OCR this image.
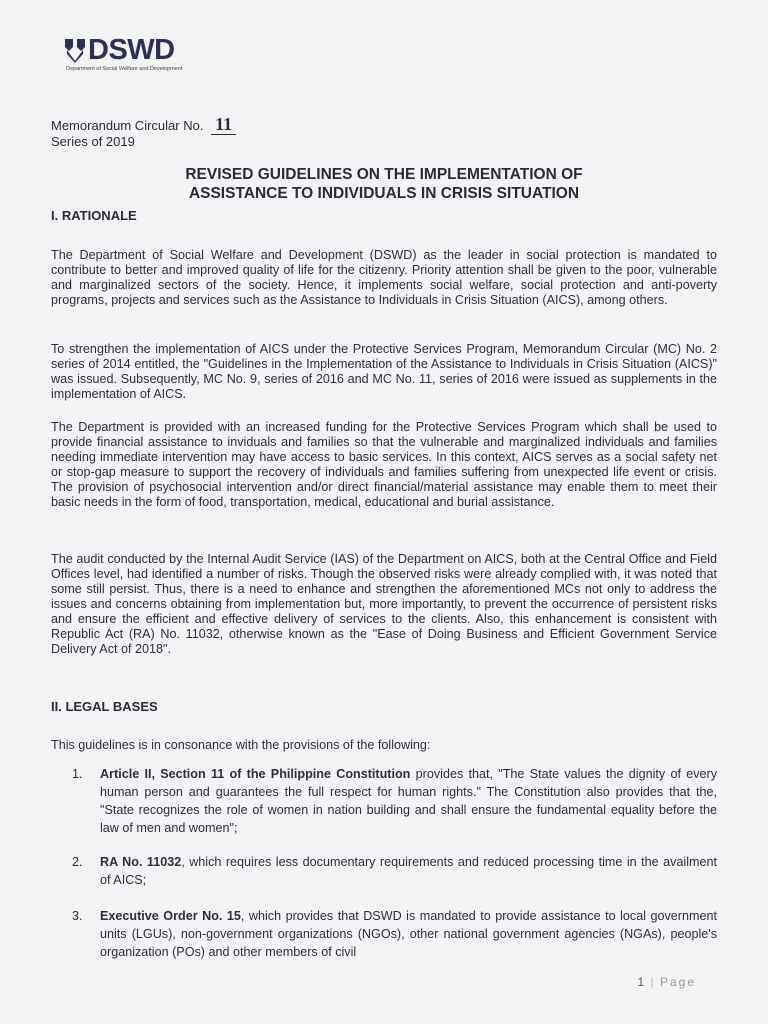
DSWD
Department of Social Welfare and Development
Memorandum Circular No. 11
Series of 2019
REVISED GUIDELINES ON THE IMPLEMENTATION OF
ASSISTANCE TO INDIVIDUALS IN CRISIS SITUATION
I. RATIONALE
The Department of Social Welfare and Development (DSWD) as the leader in social protection is mandated to contribute to better and improved quality of life for the citizenry. Priority attention shall be given to the poor, vulnerable and marginalized sectors of the society. Hence, it implements social welfare, social protection and anti-poverty programs, projects and services such as the Assistance to Individuals in Crisis Situation (AICS), among others.
To strengthen the implementation of AICS under the Protective Services Program, Memorandum Circular (MC) No. 2 series of 2014 entitled, the "Guidelines in the Implementation of the Assistance to Individuals in Crisis Situation (AICS)" was issued. Subsequently, MC No. 9, series of 2016 and MC No. 11, series of 2016 were issued as supplements in the implementation of AICS.
The Department is provided with an increased funding for the Protective Services Program which shall be used to provide financial assistance to inviduals and families so that the vulnerable and marginalized individuals and families needing immediate intervention may have access to basic services. In this context, AICS serves as a social safety net or stop-gap measure to support the recovery of individuals and families suffering from unexpected life event or crisis. The provision of psychosocial intervention and/or direct financial/material assistance may enable them to meet their basic needs in the form of food, transportation, medical, educational and burial assistance.
The audit conducted by the Internal Audit Service (IAS) of the Department on AICS, both at the Central Office and Field Offices level, had identified a number of risks. Though the observed risks were already complied with, it was noted that some still persist. Thus, there is a need to enhance and strengthen the aforementioned MCs not only to address the issues and concerns obtaining from implementation but, more importantly, to prevent the occurrence of persistent risks and ensure the efficient and effective delivery of services to the clients. Also, this enhancement is consistent with Republic Act (RA) No. 11032, otherwise known as the "Ease of Doing Business and Efficient Government Service Delivery Act of 2018".
II. LEGAL BASES
This guidelines is in consonance with the provisions of the following:
1.	Article II, Section 11 of the Philippine Constitution provides that, "The State values the dignity of every human person and guarantees the full respect for human rights." The Constitution also provides that the, "State recognizes the role of women in nation building and shall ensure the fundamental equality before the law of men and women";
2.	RA No. 11032, which requires less documentary requirements and reduced processing time in the availment of AICS;
3.	Executive Order No. 15, which provides that DSWD is mandated to provide assistance to local government units (LGUs), non-government organizations (NGOs), other national government agencies (NGAs), people's organization (POs) and other members of civil
1 | Page
